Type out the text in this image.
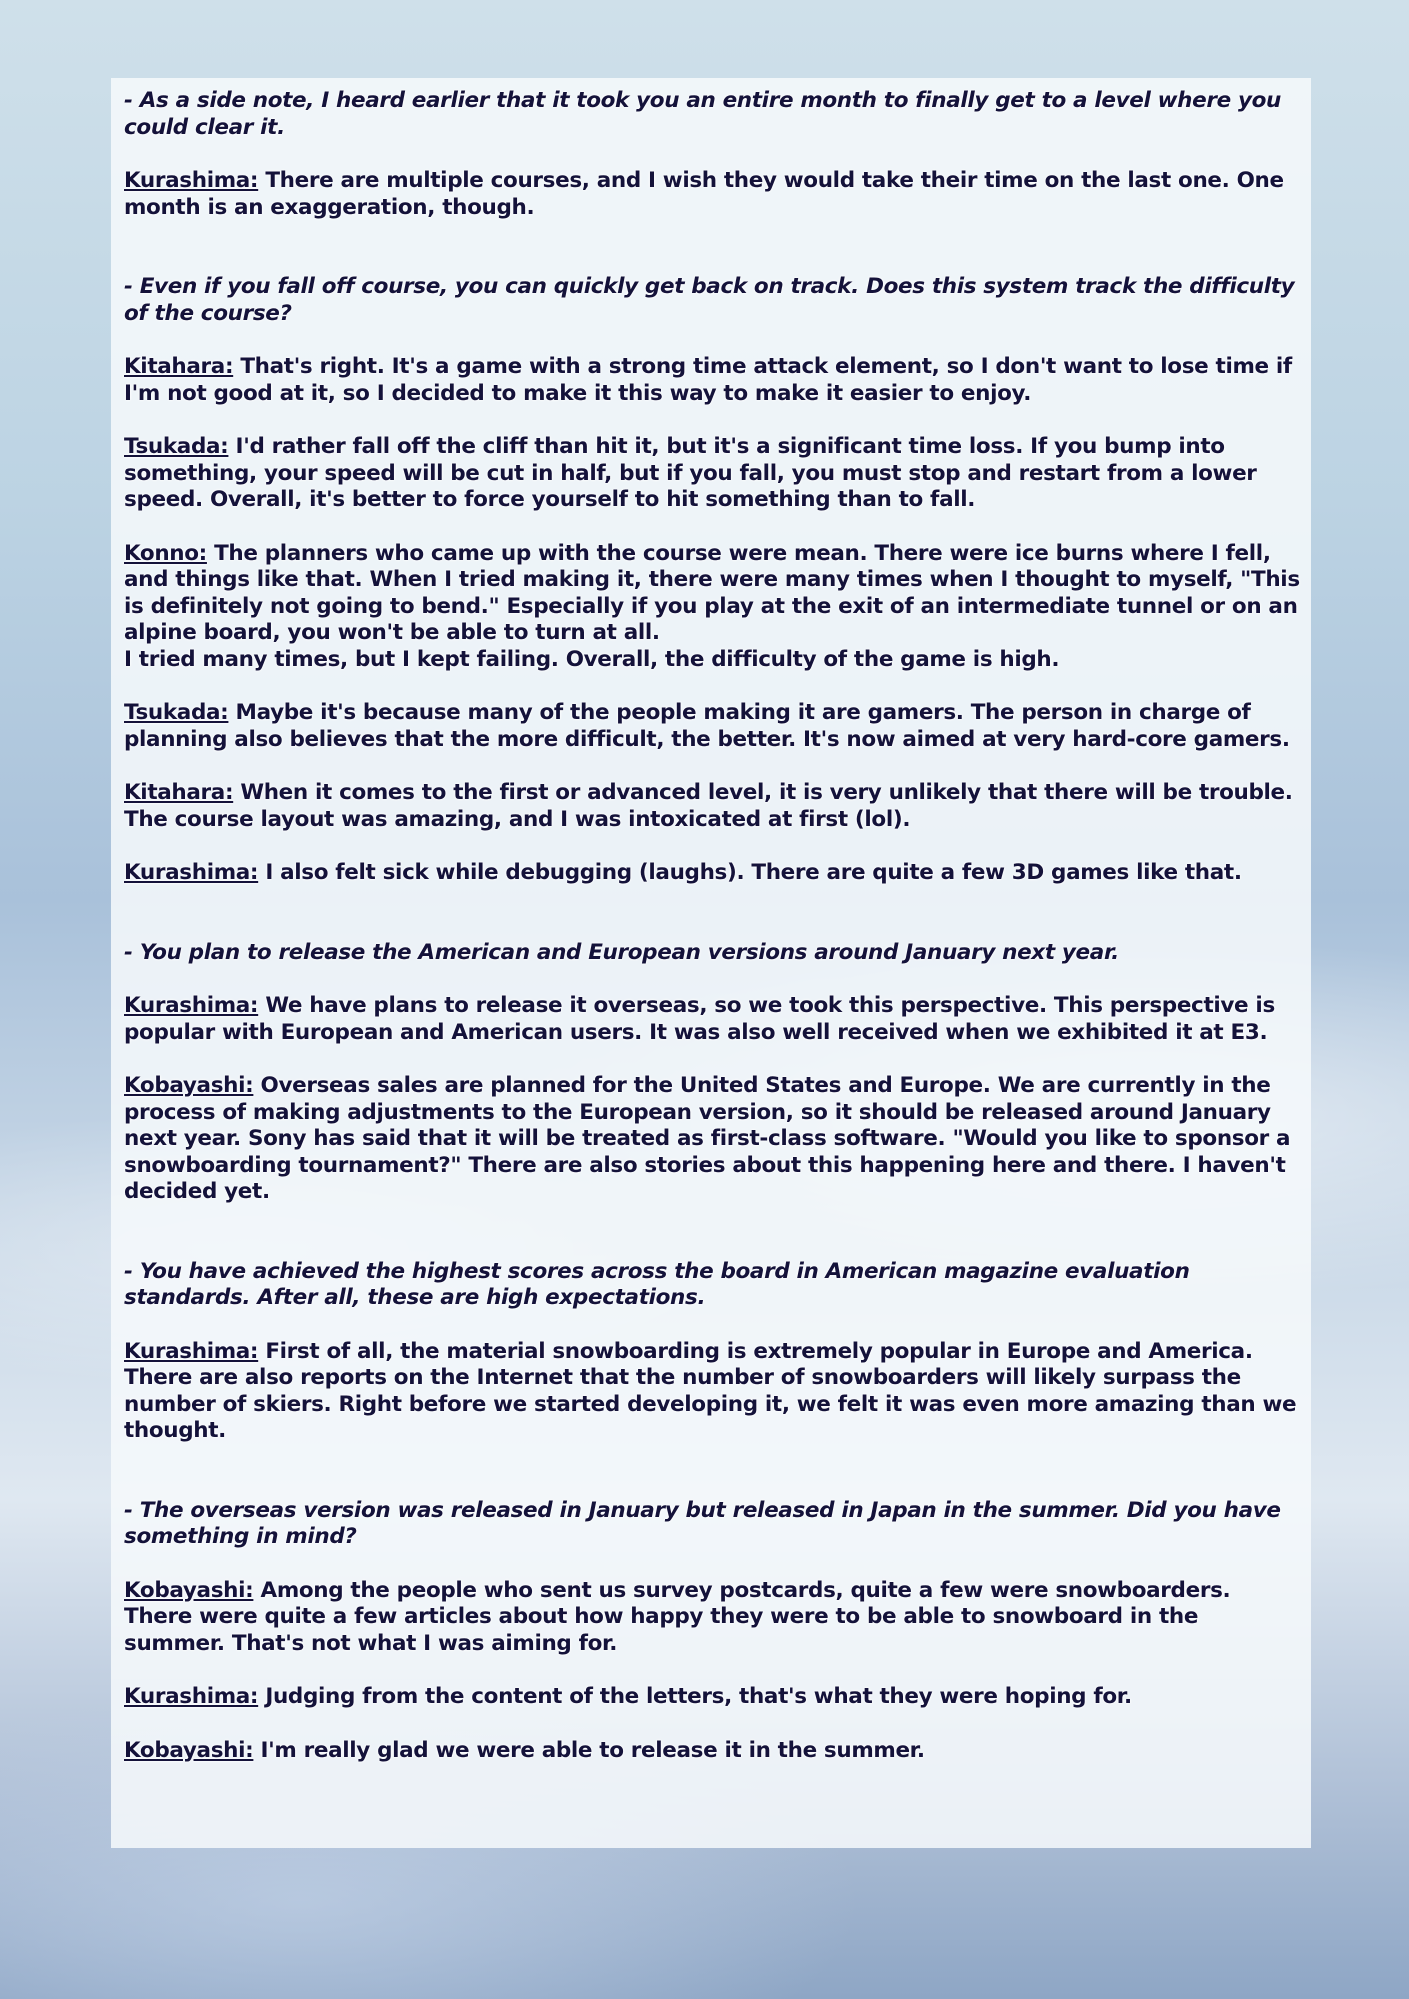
- As a side note, I heard earlier that it took you an entire month to finally get to a level where you could clear it.

Kurashima: There are multiple courses, and I wish they would take their time on the last one. One month is an exaggeration, though.

- Even if you fall off course, you can quickly get back on track. Does this system track the difficulty of the course?

Kitahara: That's right. It's a game with a strong time attack element, so I don't want to lose time if I'm not good at it, so I decided to make it this way to make it easier to enjoy.

Tsukada: I'd rather fall off the cliff than hit it, but it's a significant time loss. If you bump into something, your speed will be cut in half, but if you fall, you must stop and restart from a lower speed. Overall, it's better to force yourself to hit something than to fall.

Konno: The planners who came up with the course were mean. There were ice burns where I fell, and things like that. When I tried making it, there were many times when I thought to myself, "This is definitely not going to bend." Especially if you play at the exit of an intermediate tunnel or on an alpine board, you won't be able to turn at all.
I tried many times, but I kept failing. Overall, the difficulty of the game is high.

Tsukada: Maybe it's because many of the people making it are gamers. The person in charge of planning also believes that the more difficult, the better. It's now aimed at very hard-core gamers.

Kitahara: When it comes to the first or advanced level, it is very unlikely that there will be trouble. The course layout was amazing, and I was intoxicated at first (lol).

Kurashima: I also felt sick while debugging (laughs). There are quite a few 3D games like that.

- You plan to release the American and European versions around January next year.

Kurashima: We have plans to release it overseas, so we took this perspective. This perspective is popular with European and American users. It was also well received when we exhibited it at E3.

Kobayashi: Overseas sales are planned for the United States and Europe. We are currently in the process of making adjustments to the European version, so it should be released around January next year. Sony has said that it will be treated as first-class software. "Would you like to sponsor a snowboarding tournament?" There are also stories about this happening here and there. I haven't decided yet.

- You have achieved the highest scores across the board in American magazine evaluation standards. After all, these are high expectations.

Kurashima: First of all, the material snowboarding is extremely popular in Europe and America. There are also reports on the Internet that the number of snowboarders will likely surpass the number of skiers. Right before we started developing it, we felt it was even more amazing than we thought.

- The overseas version was released in January but released in Japan in the summer. Did you have something in mind?

Kobayashi: Among the people who sent us survey postcards, quite a few were snowboarders. There were quite a few articles about how happy they were to be able to snowboard in the summer. That's not what I was aiming for.

Kurashima: Judging from the content of the letters, that's what they were hoping for.

Kobayashi: I'm really glad we were able to release it in the summer.
